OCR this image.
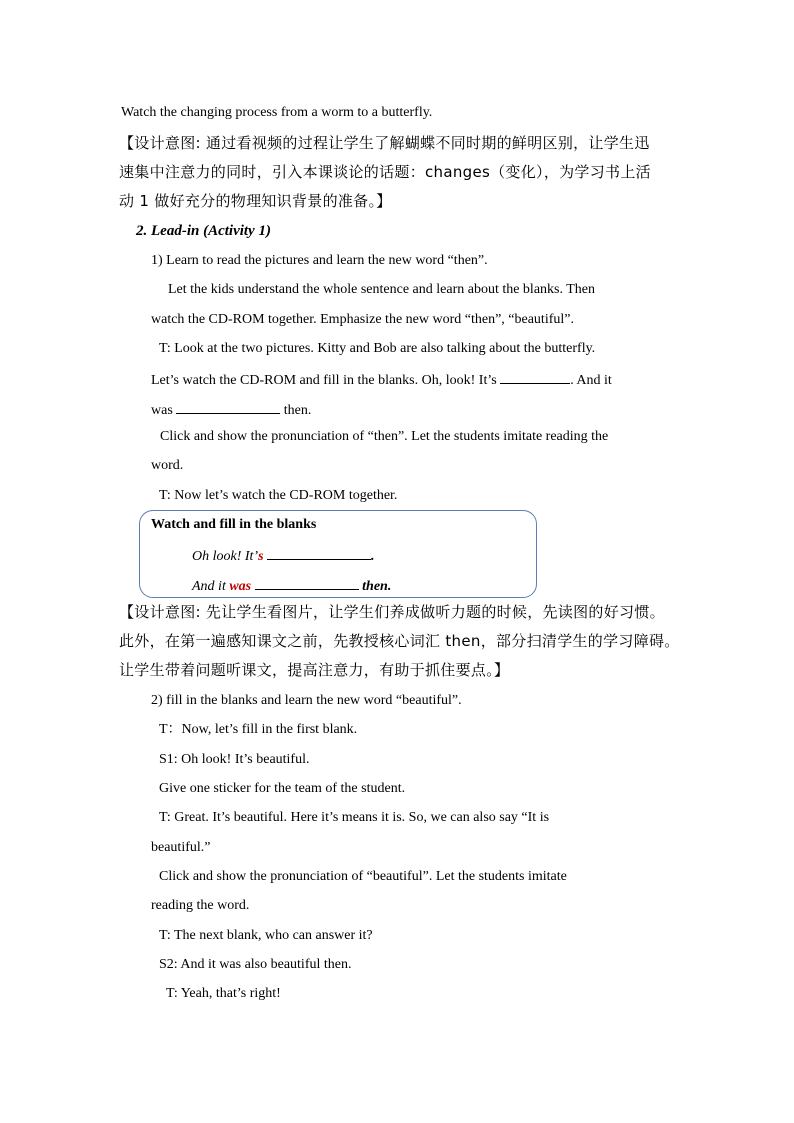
Watch the changing process from a worm to a butterfly.
【设计意图: 通过看视频的过程让学生了解蝴蝶不同时期的鲜明区别，让学生迅
速集中注意力的同时，引入本课谈论的话题：changes（变化），为学习书上活
动 1 做好充分的物理知识背景的准备。】
2. Lead-in (Activity 1)
1) Learn to read the pictures and learn the new word “then”.
Let the kids understand the whole sentence and learn about the blanks. Then
watch the CD-ROM together. Emphasize the new word “then”, “beautiful”.
T: Look at the two pictures. Kitty and Bob are also talking about the butterfly.
Let’s watch the CD-ROM and fill in the blanks. Oh, look! It’s	. And it
was	then.
Click and show the pronunciation of “then”. Let the students imitate reading the
word.
T: Now let’s watch the CD-ROM together.
Watch and fill in the blanks
Oh look! It’s	.
And it was	then.
【设计意图: 先让学生看图片，让学生们养成做听力题的时候，先读图的好习惯。
此外，在第一遍感知课文之前，先教授核心词汇 then，部分扫清学生的学习障碍。
让学生带着问题听课文，提高注意力，有助于抓住要点。】
2) fill in the blanks and learn the new word “beautiful”.
T：Now, let’s fill in the first blank.
S1: Oh look! It’s beautiful.
Give one sticker for the team of the student.
T: Great. It’s beautiful. Here it’s means it is. So, we can also say “It is
beautiful.”
Click and show the pronunciation of “beautiful”. Let the students imitate
reading the word.
T: The next blank, who can answer it?
S2: And it was also beautiful then.
T: Yeah, that’s right!
